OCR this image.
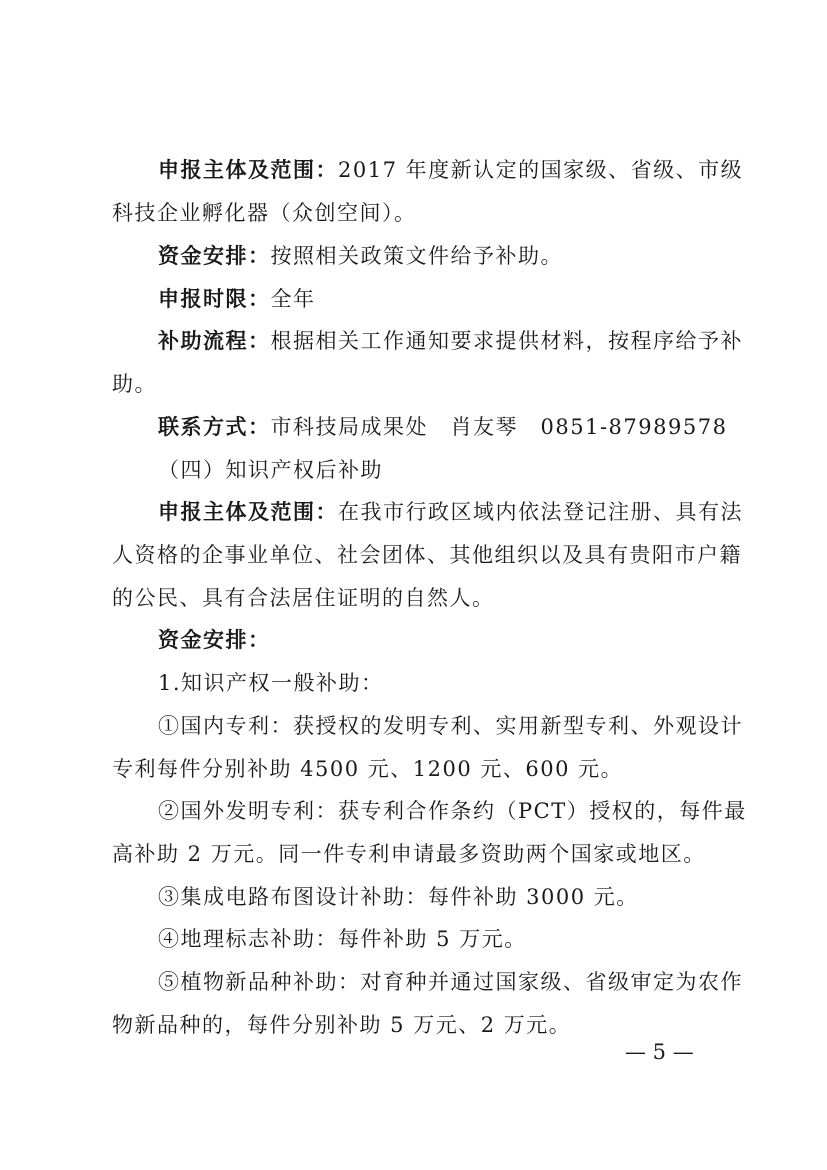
申报主体及范围：2017 年度新认定的国家级、省级、市级
科技企业孵化器（众创空间）。
资金安排：按照相关政策文件给予补助。
申报时限：全年
补助流程：根据相关工作通知要求提供材料，按程序给予补
助。
联系方式：市科技局成果处　肖友琴　0851-87989578
（四）知识产权后补助
申报主体及范围：在我市行政区域内依法登记注册、具有法
人资格的企事业单位、社会团体、其他组织以及具有贵阳市户籍
的公民、具有合法居住证明的自然人。
资金安排：
1.知识产权一般补助：
①国内专利：获授权的发明专利、实用新型专利、外观设计
专利每件分别补助 4500 元、1200 元、600 元。
②国外发明专利：获专利合作条约（PCT）授权的，每件最
高补助 2 万元。同一件专利申请最多资助两个国家或地区。
③集成电路布图设计补助：每件补助 3000 元。
④地理标志补助：每件补助 5 万元。
⑤植物新品种补助：对育种并通过国家级、省级审定为农作
物新品种的，每件分别补助 5 万元、2 万元。
— 5 —
